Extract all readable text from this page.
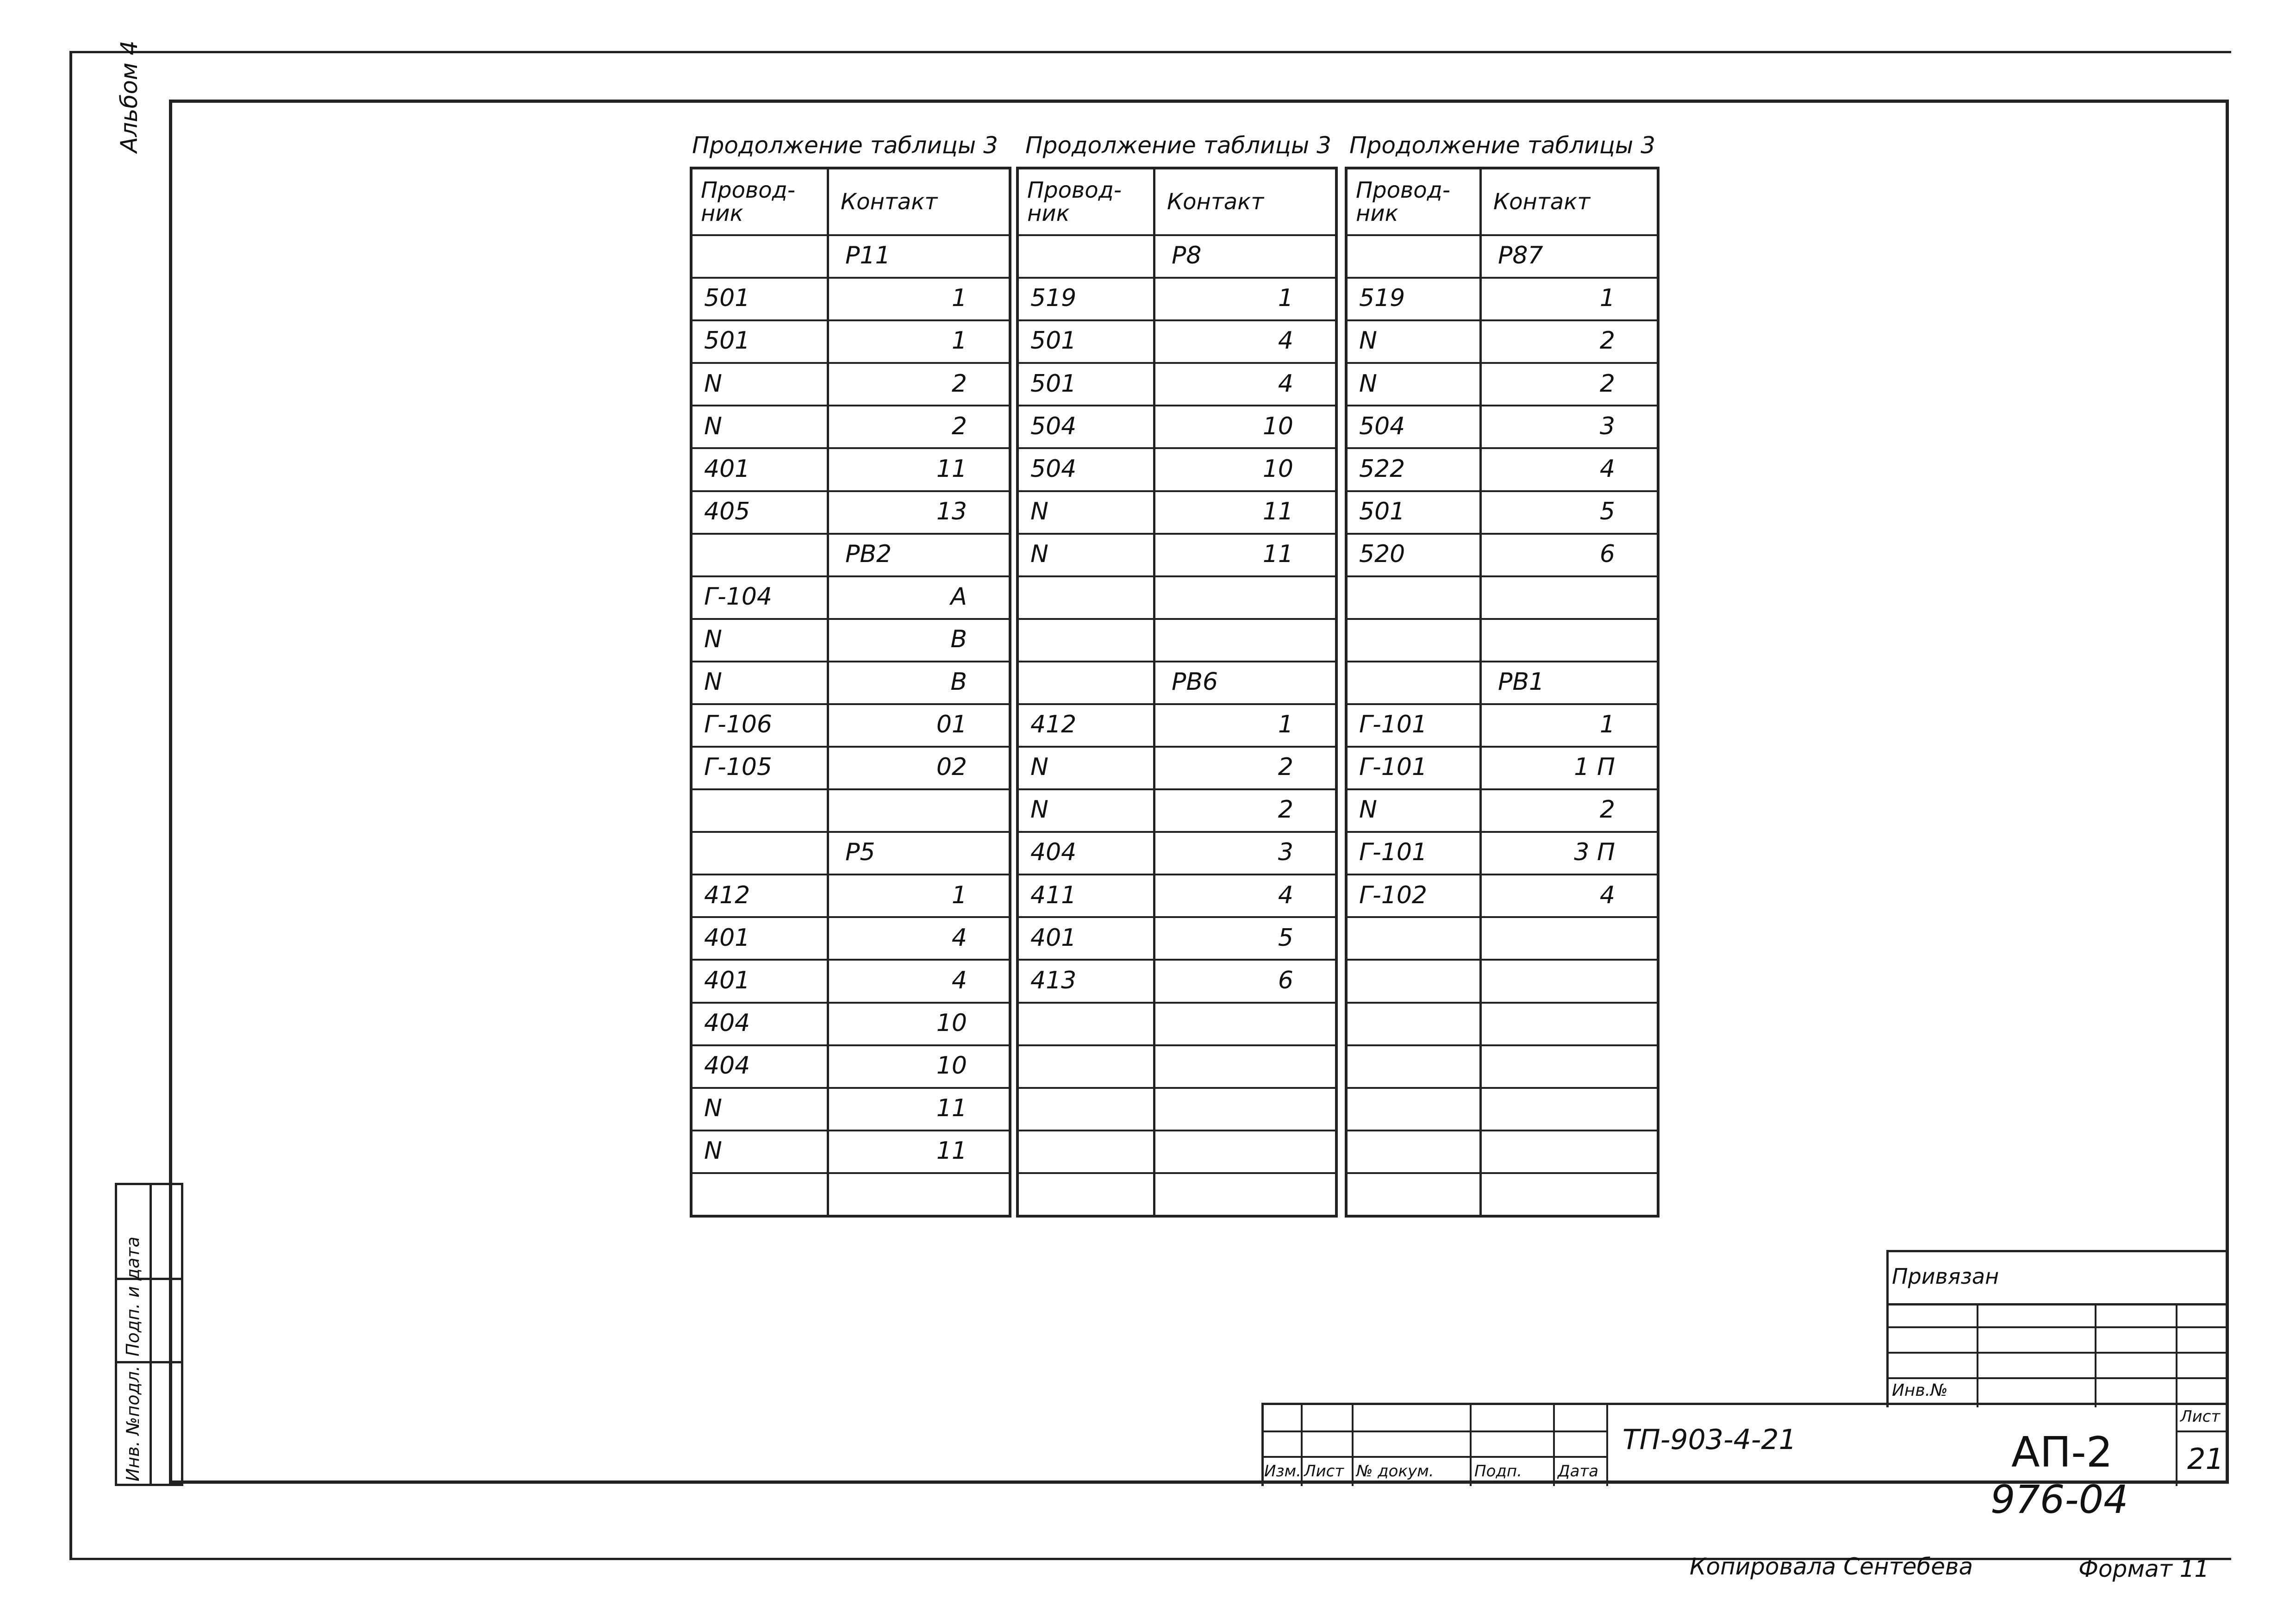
Альбом 4
Инв. №подл.
Подп. и дата
Продолжение таблицы 3 Продолжение таблицы 3 Продолжение таблицы 3
Провод-ник	Контакт
Р11
501	1
501	1
N	2
N	2
401	11
405	13
РВ2
Г-104	А
N	В
N	В
Г-106	01
Г-105	02
Р5
412	1
401	4
401	4
404	10
404	10
N	11
N	11
Провод-ник	Контакт
Р8
519	1
501	4
501	4
504	10
504	10
N	11
N	11
РВ6
412	1
N	2
N	2
404	3
411	4
401	5
413	6
Провод-ник	Контакт
Р87
519	1
N	2
N	2
504	3
522	4
501	5
520	6
РВ1
Г-101	1
Г-101	1 П
N	2
Г-101	3 П
Г-102	4
Привязан
Инв.№
Изм. Лист № докум.	Подп. Дата
ТП-903-4-21	АП-2
Лист
21
976-04
Копировала Сентебева	Формат 11
